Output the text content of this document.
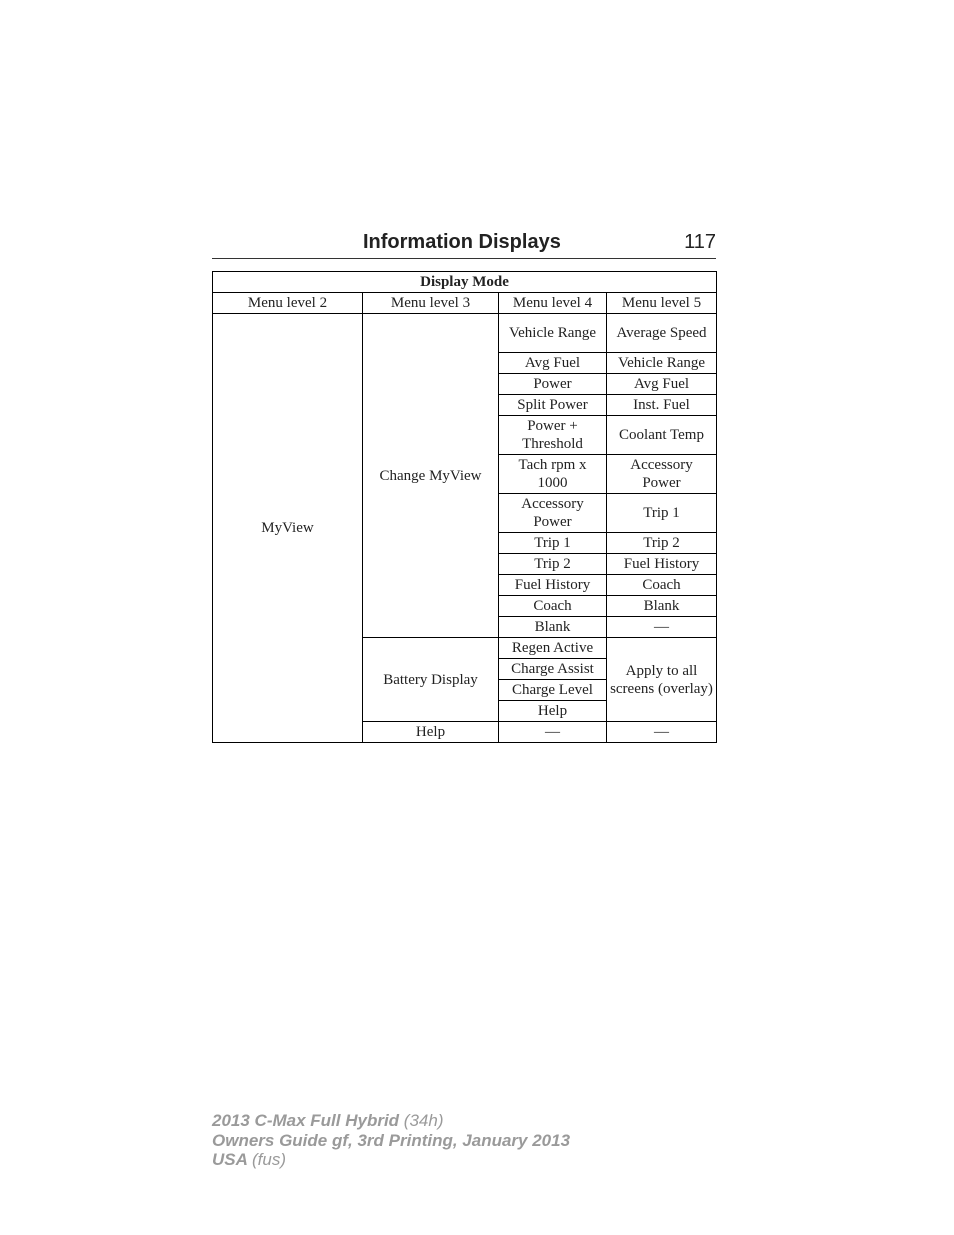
Information Displays	117
Display Mode			
Menu level 2	Menu level 3	Menu level 4	Menu level 5
MyView	Change MyView	Vehicle Range	Average Speed
		Avg Fuel	Vehicle Range
		Power	Avg Fuel
		Split Power	Inst. Fuel
		Power + Threshold	Coolant Temp
		Tach rpm x 1000	Accessory Power
		Accessory Power	Trip 1
		Trip 1	Trip 2
		Trip 2	Fuel History
		Fuel History	Coach
		Coach	Blank
		Blank	—
	Battery Display	Regen Active	Apply to all screens (overlay)
		Charge Assist	
		Charge Level	
		Help	
	Help	—	—
2013 C-Max Full Hybrid (34h)
Owners Guide gf, 3rd Printing, January 2013
USA (fus)
